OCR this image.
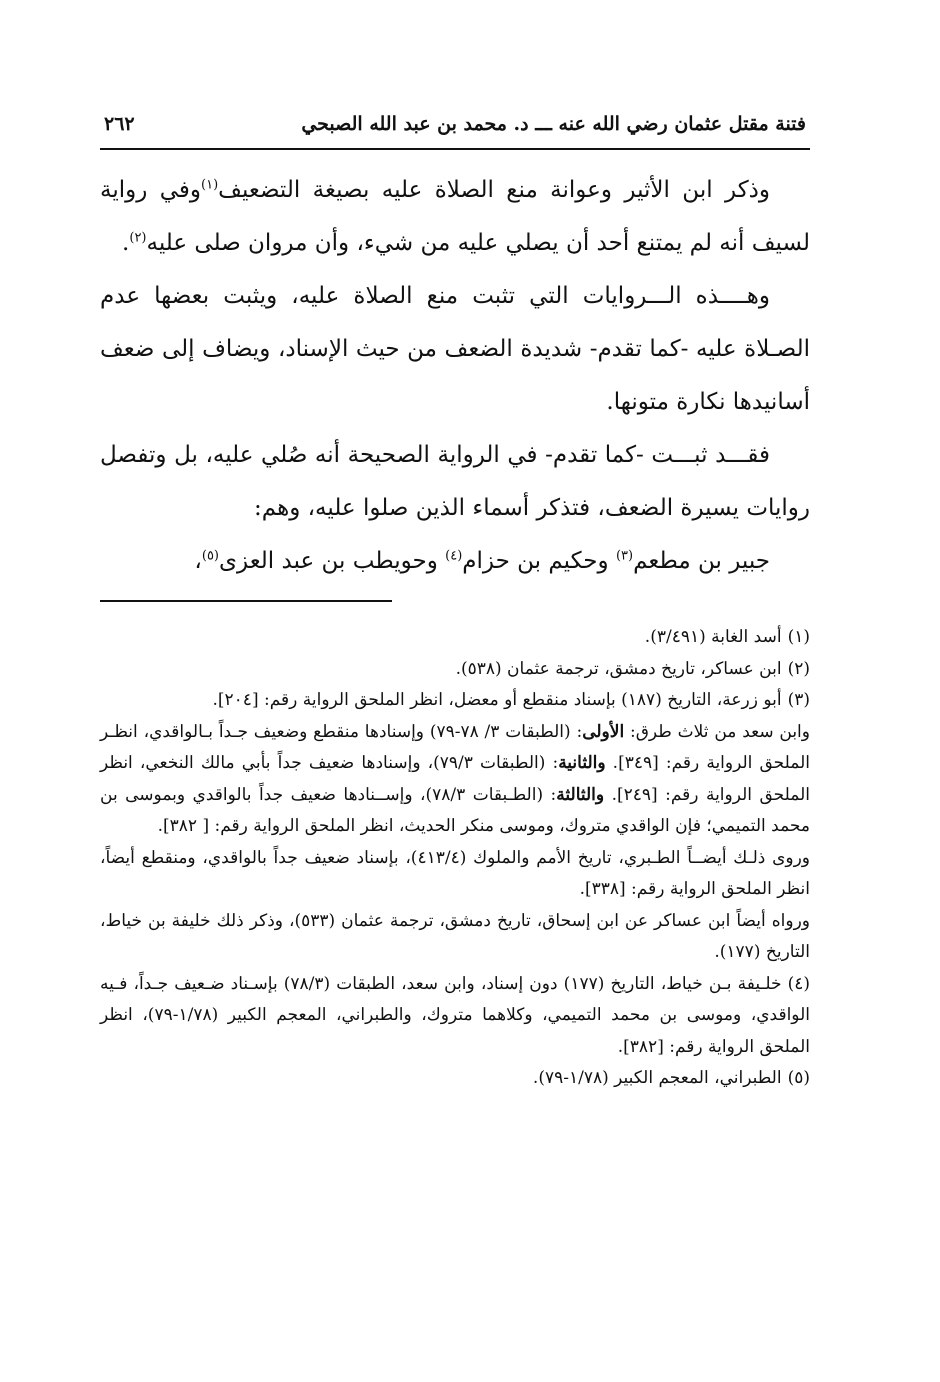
فتنة مقتل عثمان رضي الله عنه ـــ د. محمد بن عبد الله الصبحي
٢٦٢

وذكر ابن الأثير وعوانة منع الصلاة عليه بصيغة التضعيف$^{(١)}$وفي رواية لسيف أنه لم يمتنع أحد أن يصلي عليه من شيء، وأن مروان صلى عليه$^{(٢)}$.

وهــــذه الـــروايات التي تثبت منع الصلاة عليه، ويثبت بعضها عدم الصـلاة عليه -كما تقدم- شديدة الضعف من حيث الإسناد، ويضاف إلى ضعف أسانيدها نكارة متونها.

فقـــد ثبـــت -كما تقدم- في الرواية الصحيحة أنه صُلي عليه، بل وتفصل روايات يسيرة الضعف، فتذكر أسماء الذين صلوا عليه، وهم:

جبير بن مطعم$^{(٣)}$ وحكيم بن حزام$^{(٤)}$ وحويطب بن عبد العزى$^{(٥)}$،

(١)أسد الغابة (٣/٤٩١).

(٢)ابن عساكر، تاريخ دمشق، ترجمة عثمان (٥٣٨).

(٣)أبو زرعة، التاريخ (١٨٧) بإسناد منقطع أو معضل، انظر الملحق الرواية رقم: [٢٠٤].

وابن سعد من ثلاث طرق: الأولى: (الطبقات ٣/ ٧٨-٧٩) وإسنادها منقطع وضعيف جـداً بـالواقدي، انظـر الملحق الرواية رقم: [٣٤٩]. والثانية: (الطبقات ٧٩/٣)، وإسنادها ضعيف جداً بأبي مالك النخعي، انظر الملحق الرواية رقم: [٢٤٩]. والثالثة: (الطـبقات ٧٨/٣)، وإســنادها ضعيف جداً بالواقدي وبموسى بن محمد التميمي؛ فإن الواقدي متروك، وموسى منكر الحديث، انظر الملحق الرواية رقم: [ ٣٨٢].

وروى ذلـك أيضــاً الطـبري، تاريخ الأمم والملوك (٤١٣/٤)، بإسناد ضعيف جداً بالواقدي، ومنقطع أيضاً، انظر الملحق الرواية رقم: [٣٣٨].

ورواه أيضاً ابن عساكر عن ابن إسحاق، تاريخ دمشق، ترجمة عثمان (٥٣٣)، وذكر ذلك خليفة بن خياط، التاريخ (١٧٧).

(٤)خلـيفة بـن خياط، التاريخ (١٧٧) دون إسناد، وابن سعد، الطبقات (٧٨/٣) بإسـناد ضـعيف جـداً، فـيه الواقدي، وموسى بن محمد التميمي، وكلاهما متروك، والطبراني، المعجم الكبير (١/٧٨-٧٩)، انظر الملحق الرواية رقم: [٣٨٢].

(٥)الطبراني، المعجم الكبير (١/٧٨-٧٩).
